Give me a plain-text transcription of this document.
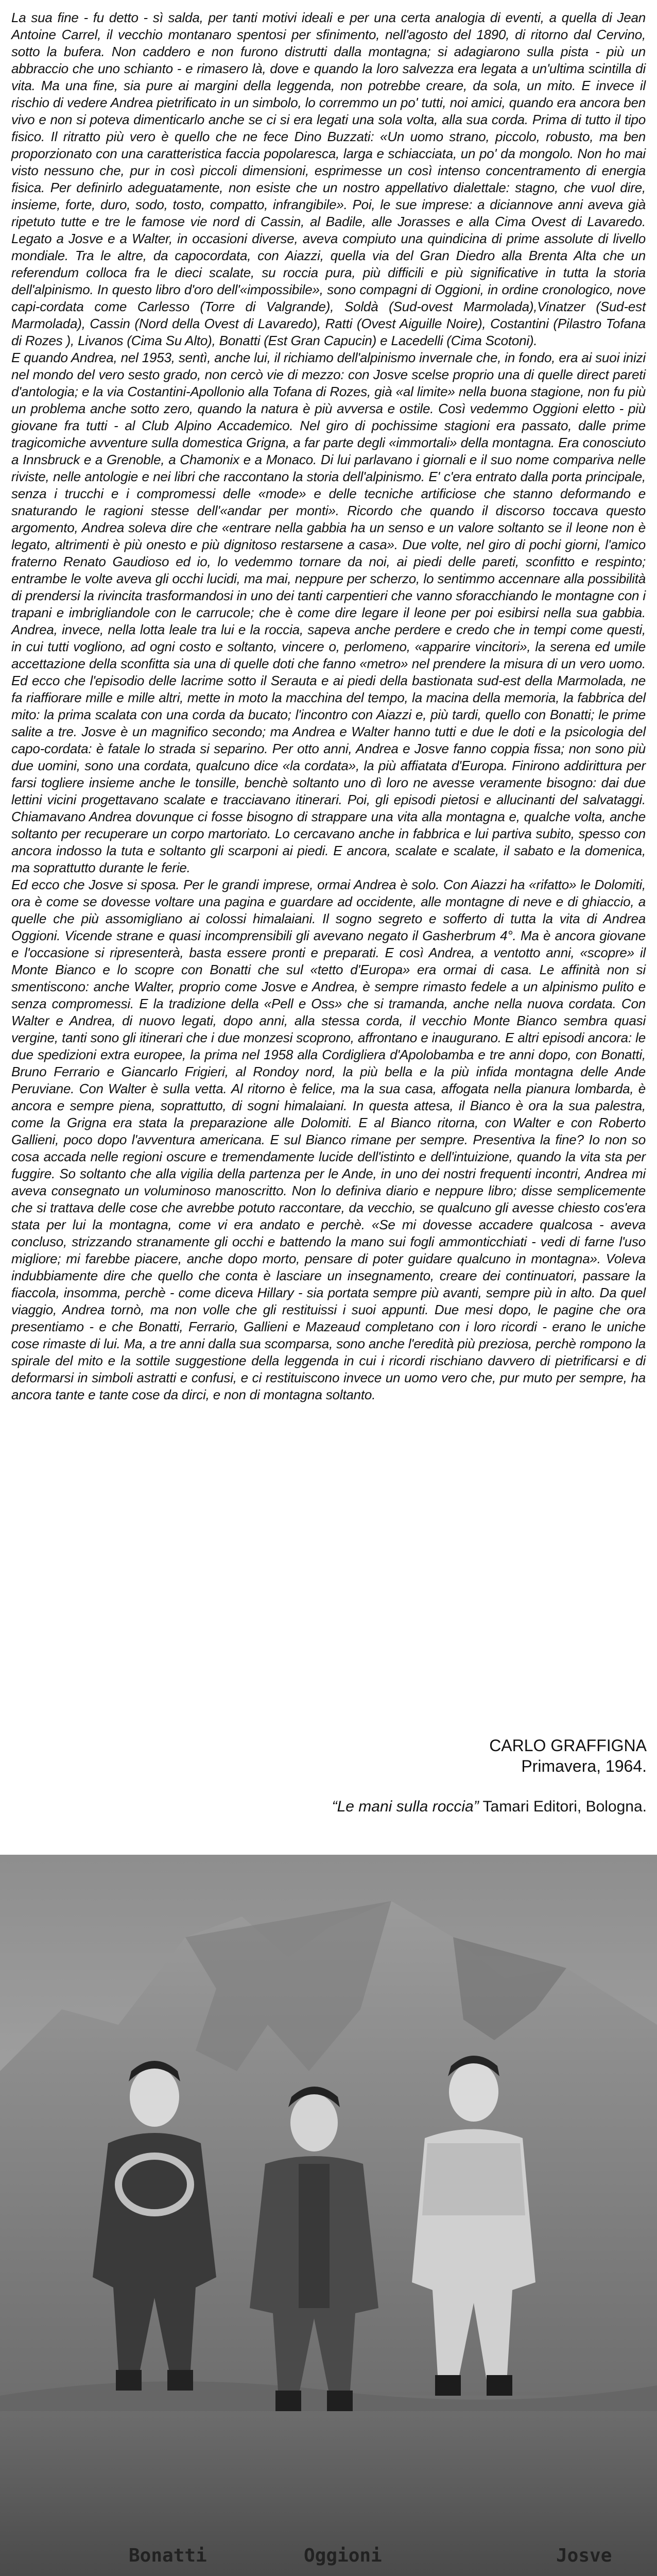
La sua fine - fu detto - sì salda, per tanti motivi ideali e per una certa analogia di eventi, a quella di Jean Antoine Carrel, il vecchio montanaro spentosi per sfinimento, nell'agosto del 1890, di ritorno dal Cervino, sotto la bufera. Non caddero e non furono distrutti dalla montagna; si adagiarono sulla pista - più un abbraccio che uno schianto - e rimasero là, dove e quando la loro salvezza era legata a un'ultima scintilla di vita. Ma una fine, sia pure ai margini della leggenda, non potrebbe creare, da sola, un mito. E invece il rischio di vedere Andrea pietrificato in un simbolo, lo corremmo un po' tutti, noi amici, quando era ancora ben vivo e non si poteva dimenticarlo anche se ci si era legati una sola volta, alla sua corda. Prima di tutto il tipo fisico. Il ritratto più vero è quello che ne fece Dino Buzzati: «Un uomo strano, piccolo, robusto, ma ben proporzionato con una caratteristica faccia popolaresca, larga e schiacciata, un po' da mongolo. Non ho mai visto nessuno che, pur in così piccoli dimensioni, esprimesse un così intenso concentramento di energia fisica. Per definirlo adeguatamente, non esiste che un nostro appellativo dialettale: stagno, che vuol dire, insieme, forte, duro, sodo, tosto, compatto, infrangibile». Poi, le sue imprese: a diciannove anni aveva già ripetuto tutte e tre le famose vie nord di Cassin, al Badile, alle Jorasses e alla Cima Ovest di Lavaredo. Legato a Josve e a Walter, in occasioni diverse, aveva compiuto una quindicina di prime assolute di livello mondiale. Tra le altre, da capocordata, con Aiazzi, quella via del Gran Diedro alla Brenta Alta che un referendum colloca fra le dieci scalate, su roccia pura, più difficili e più significative in tutta la storia dell'alpinismo. In questo libro d'oro dell'«impossibile», sono compagni di Oggioni, in ordine cronologico, nove capi-cordata come Carlesso (Torre di Valgrande), Soldà (Sud-ovest Marmolada),Vinatzer (Sud-est Marmolada), Cassin (Nord della Ovest di Lavaredo), Ratti (Ovest Aiguille Noire), Costantini (Pilastro Tofana di Rozes ), Livanos (Cima Su Alto), Bonatti (Est Gran Capucin) e Lacedelli (Cima Scotoni).

E quando Andrea, nel 1953, sentì, anche lui, il richiamo dell'alpinismo invernale che, in fondo, era ai suoi inizi nel mondo del vero sesto grado, non cercò vie di mezzo: con Josve scelse proprio una di quelle direct pareti d'antologia; e la via Costantini-Apollonio alla Tofana di Rozes, già «al limite» nella buona stagione, non fu più un problema anche sotto zero, quando la natura è più avversa e ostile. Così vedemmo Oggioni eletto - più giovane fra tutti - al Club Alpino Accademico. Nel giro di pochissime stagioni era passato, dalle prime tragicomiche avventure sulla domestica Grigna, a far parte degli «immortali» della montagna. Era conosciuto a Innsbruck e a Grenoble, a Chamonix e a Monaco. Di lui parlavano i giornali e il suo nome compariva nelle riviste, nelle antologie e nei libri che raccontano la storia dell'alpinismo. E' c'era entrato dalla porta principale, senza i trucchi e i compromessi delle «mode» e delle tecniche artificiose che stanno deformando e snaturando le ragioni stesse dell'«andar per monti». Ricordo che quando il discorso toccava questo argomento, Andrea soleva dire che «entrare nella gabbia ha un senso e un valore soltanto se il leone non è legato, altrimenti è più onesto e più dignitoso restarsene a casa». Due volte, nel giro di pochi giorni, l'amico fraterno Renato Gaudioso ed io, lo vedemmo tornare da noi, ai piedi delle pareti, sconfitto e respinto; entrambe le volte aveva gli occhi lucidi, ma mai, neppure per scherzo, lo sentimmo accennare alla possibilità di prendersi la rivincita trasformandosi in uno dei tanti carpentieri che vanno sforacchiando le montagne con i trapani e imbrigliandole con le carrucole; che è come dire legare il leone per poi esibirsi nella sua gabbia. Andrea, invece, nella lotta leale tra lui e la roccia, sapeva anche perdere e credo che in tempi come questi, in cui tutti vogliono, ad ogni costo e soltanto, vincere o, perlomeno, «apparire vincitori», la serena ed umile accettazione della sconfitta sia una di quelle doti che fanno «metro» nel prendere la misura di un vero uomo. Ed ecco che l'episodio delle lacrime sotto il Serauta e ai piedi della bastionata sud-est della Marmolada, ne fa riaffiorare mille e mille altri, mette in moto la macchina del tempo, la macina della memoria, la fabbrica del mito: la prima scalata con una corda da bucato; l'incontro con Aiazzi e, più tardi, quello con Bonatti; le prime salite a tre. Josve è un magnifico secondo; ma Andrea e Walter hanno tutti e due le doti e la psicologia del capo-cordata: è fatale lo strada si separino. Per otto anni, Andrea e Josve fanno coppia fissa; non sono più due uomini, sono una cordata, qualcuno dice «la cordata», la più affiatata d'Europa. Finirono addirittura per farsi togliere insieme anche le tonsille, benchè soltanto uno dì loro ne avesse veramente bisogno: dai due lettini vicini progettavano scalate e tracciavano itinerari. Poi, gli episodi pietosi e allucinanti del salvataggi. Chiamavano Andrea dovunque ci fosse bisogno di strappare una vita alla montagna e, qualche volta, anche soltanto per recuperare un corpo martoriato. Lo cercavano anche in fabbrica e lui partiva subito, spesso con ancora indosso la tuta e soltanto gli scarponi ai piedi. E ancora, scalate e scalate, il sabato e la domenica, ma soprattutto durante le ferie.

Ed ecco che Josve si sposa. Per le grandi imprese, ormai Andrea è solo. Con Aiazzi ha «rifatto» le Dolomiti, ora è come se dovesse voltare una pagina e guardare ad occidente, alle montagne di neve e di ghiaccio, a quelle che più assomigliano ai colossi himalaiani. Il sogno segreto e sofferto di tutta la vita di Andrea Oggioni. Vicende strane e quasi incomprensibili gli avevano negato il Gasherbrum 4°. Ma è ancora giovane e l'occasione si ripresenterà, basta essere pronti e preparati. E così Andrea, a ventotto anni, «scopre» il Monte Bianco e lo scopre con Bonatti che sul «tetto d'Europa» era ormai di casa. Le affinità non si smentiscono: anche Walter, proprio come Josve e Andrea, è sempre rimasto fedele a un alpinismo pulito e senza compromessi. E la tradizione della «Pell e Oss» che si tramanda, anche nella nuova cordata. Con Walter e Andrea, di nuovo legati, dopo anni, alla stessa corda, il vecchio Monte Bianco sembra quasi vergine, tanti sono gli itinerari che i due monzesi scoprono, affrontano e inaugurano. E altri episodi ancora: le due spedizioni extra europee, la prima nel 1958 alla Cordigliera d'Apolobamba e tre anni dopo, con Bonatti, Bruno Ferrario e Giancarlo Frigieri, al Rondoy nord, la più bella e la più infida montagna delle Ande Peruviane. Con Walter è sulla vetta. Al ritorno è felice, ma la sua casa, affogata nella pianura lombarda, è ancora e sempre piena, soprattutto, di sogni himalaiani. In questa attesa, il Bianco è ora la sua palestra, come la Grigna era stata la preparazione alle Dolomiti. E al Bianco ritorna, con Walter e con Roberto Gallieni, poco dopo l'avventura americana. E sul Bianco rimane per sempre. Presentiva la fine? Io non so cosa accada nelle regioni oscure e tremendamente lucide dell'istinto e dell'intuizione, quando la vita sta per fuggire. So soltanto che alla vigilia della partenza per le Ande, in uno dei nostri frequenti incontri, Andrea mi aveva consegnato un voluminoso manoscritto. Non lo definiva diario e neppure libro; disse semplicemente che si trattava delle cose che avrebbe potuto raccontare, da vecchio, se qualcuno gli avesse chiesto cos'era stata per lui la montagna, come vi era andato e perchè. «Se mi dovesse accadere qualcosa - aveva concluso, strizzando stranamente gli occhi e battendo la mano sui fogli ammonticchiati - vedi di farne l'uso migliore; mi farebbe piacere, anche dopo morto, pensare di poter guidare qualcuno in montagna». Voleva indubbiamente dire che quello che conta è lasciare un insegnamento, creare dei continuatori, passare la fiaccola, insomma, perchè - come diceva Hillary - sia portata sempre più avanti, sempre più in alto. Da quel viaggio, Andrea tornò, ma non volle che gli restituissi i suoi appunti. Due mesi dopo, le pagine che ora presentiamo - e che Bonatti, Ferrario, Gallieni e Mazeaud completano con i loro ricordi - erano le uniche cose rimaste di lui. Ma, a tre anni dalla sua scomparsa, sono anche l'eredità più preziosa, perchè rompono la spirale del mito e la sottile suggestione della leggenda in cui i ricordi rischiano davvero di pietrificarsi e di deformarsi in simboli astratti e confusi, e ci restituiscono invece un uomo vero che, pur muto per sempre, ha ancora tante e tante cose da dirci, e non di montagna soltanto.

CARLO GRAFFIGNA
Primavera, 1964.
“Le mani sulla roccia” Tamari Editori, Bologna.
Bonatti	Oggioni	Josve
